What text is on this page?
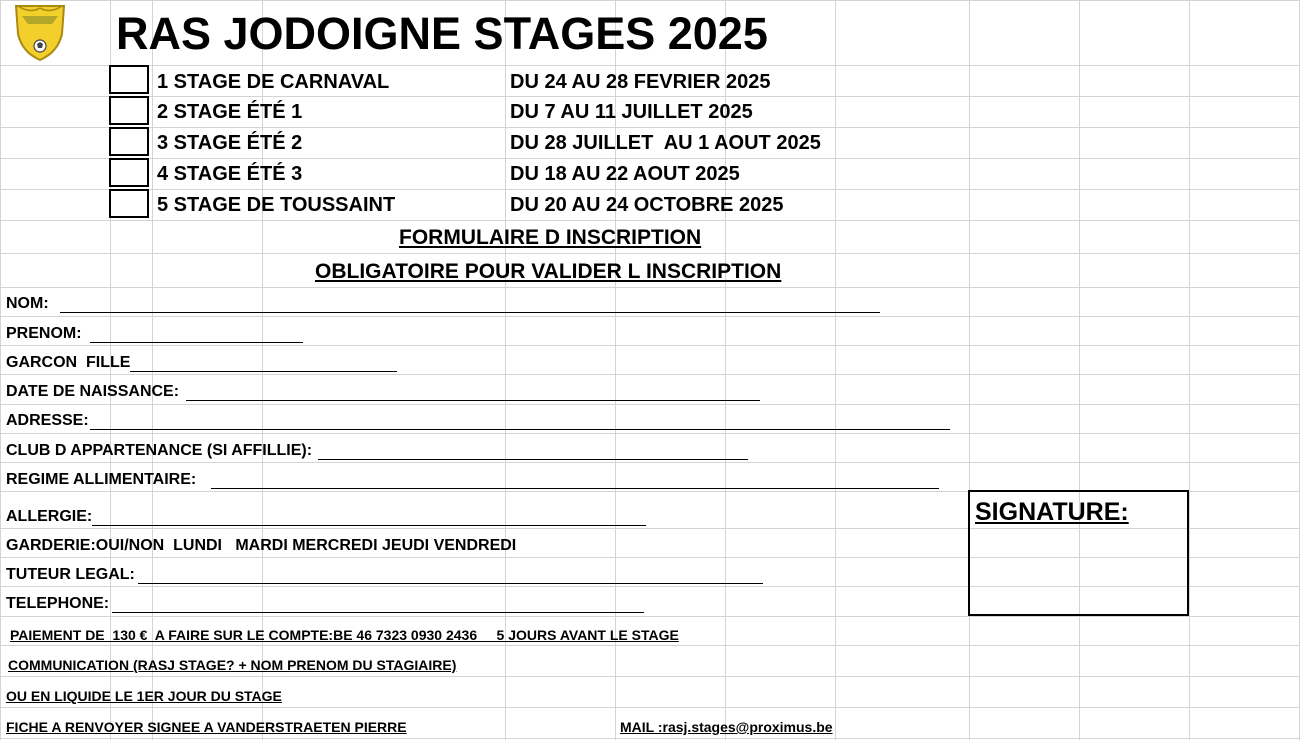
RAS JODOIGNE STAGES 2025
1 STAGE DE CARNAVAL	DU 24 AU 28 FEVRIER 2025
2 STAGE ÉTÉ 1	DU 7 AU 11 JUILLET 2025
3 STAGE ÉTÉ 2	DU 28 JUILLET  AU 1 AOUT 2025
4 STAGE ÉTÉ 3	DU 18 AU 22 AOUT 2025
5 STAGE DE TOUSSAINT	DU 20 AU 24 OCTOBRE 2025
FORMULAIRE D INSCRIPTION
OBLIGATOIRE POUR VALIDER L INSCRIPTION
NOM:
PRENOM:
GARCON  FILLE
DATE DE NAISSANCE:
ADRESSE:
CLUB D APPARTENANCE (SI AFFILLIE):
REGIME ALLIMENTAIRE:
ALLERGIE:
GARDERIE:OUI/NON  LUNDI   MARDI MERCREDI JEUDI VENDREDI
TUTEUR LEGAL:
TELEPHONE:
SIGNATURE:
PAIEMENT DE  130 €  A FAIRE SUR LE COMPTE:BE 46 7323 0930 2436     5 JOURS AVANT LE STAGE
COMMUNICATION (RASJ STAGE? + NOM PRENOM DU STAGIAIRE)
OU EN LIQUIDE LE 1ER JOUR DU STAGE
FICHE A RENVOYER SIGNEE A VANDERSTRAETEN PIERRE	MAIL :rasj.stages@proximus.be
